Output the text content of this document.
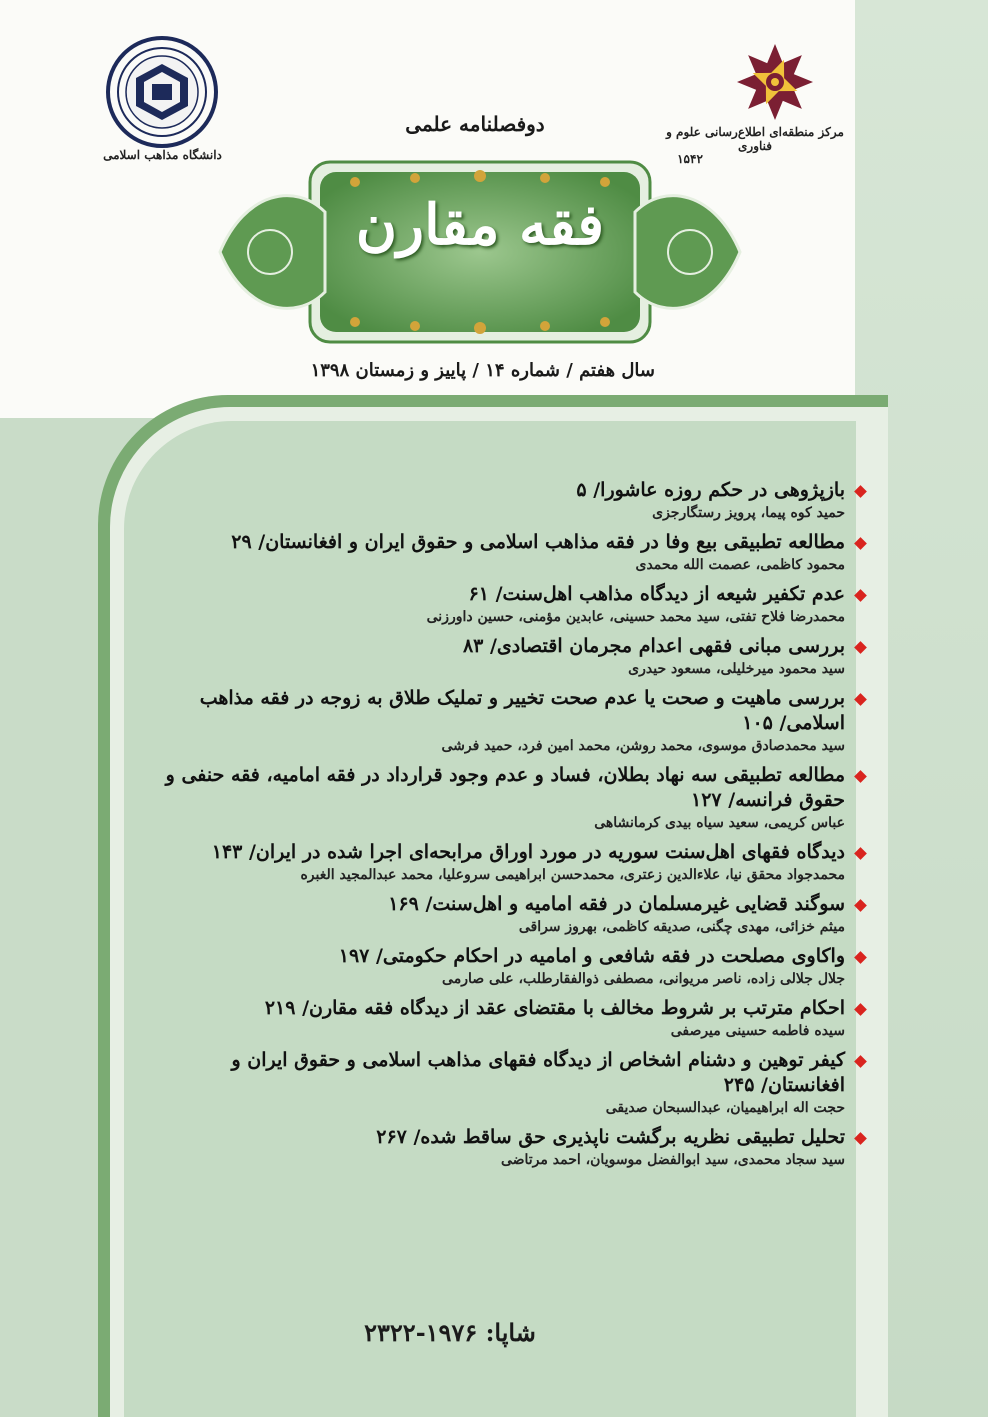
دانشگاه مذاهب اسلامی
مرکز منطقه‌ای اطلاع‌رسانی علوم و فناوری
۱۵۴۲
دوفصلنامه علمی
فقه مقارن
سال هفتم / شماره ۱۴ / پاییز و زمستان ۱۳۹۸
بازپژوهی در حکم روزه عاشورا/ ۵
حمید کوه پیما، پرویز رستگارجزی
مطالعه تطبیقی بیع وفا در فقه مذاهب اسلامی و حقوق ایران و افغانستان/ ۲۹
محمود کاظمی، عصمت الله محمدی
عدم تکفیر شیعه از دیدگاه مذاهب اهل‌سنت/ ۶۱
محمدرضا فلاح تفتی، سید محمد حسینی، عابدین مؤمنی، حسین داورزنی
بررسی مبانی فقهی اعدام مجرمان اقتصادی/ ۸۳
سید محمود میرخلیلی، مسعود حیدری
بررسی ماهیت و صحت یا عدم صحت تخییر و تملیک طلاق به زوجه در فقه مذاهب اسلامی/ ۱۰۵
سید محمدصادق موسوی، محمد روشن، محمد امین فرد، حمید فرشی
مطالعه تطبیقی سه نهاد بطلان، فساد و عدم وجود قرارداد در فقه امامیه، فقه حنفی و حقوق فرانسه/ ۱۲۷
عباس کریمی، سعید سیاه بیدی کرمانشاهی
دیدگاه فقهای اهل‌سنت سوریه در مورد اوراق مرابحه‌ای اجرا شده در ایران/ ۱۴۳
محمدجواد محقق نیا، علاءالدین زعتری، محمدحسن ابراهیمی سروعلیا، محمد عبدالمجید الغبره
سوگند قضایی غیرمسلمان در فقه امامیه و اهل‌سنت/ ۱۶۹
میثم خزائی، مهدی چگنی، صدیقه کاظمی، بهروز سراقی
واکاوی مصلحت در فقه شافعی و امامیه در احکام حکومتی/ ۱۹۷
جلال جلالی زاده، ناصر مریوانی، مصطفی ذوالفقارطلب، علی صارمی
احکام مترتب بر شروط مخالف با مقتضای عقد از دیدگاه فقه مقارن/ ۲۱۹
سیده فاطمه حسینی میرصفی
کیفر توهین و دشنام اشخاص از دیدگاه فقهای مذاهب اسلامی و حقوق ایران و افغانستان/ ۲۴۵
حجت اله ابراهیمیان، عبدالسبحان صدیقی
تحلیل تطبیقی نظریه برگشت ناپذیری حق ساقط شده/ ۲۶۷
سید سجاد محمدی، سید ابوالفضل موسویان، احمد مرتاضی
شاپا: ۱۹۷۶-۲۳۲۲
